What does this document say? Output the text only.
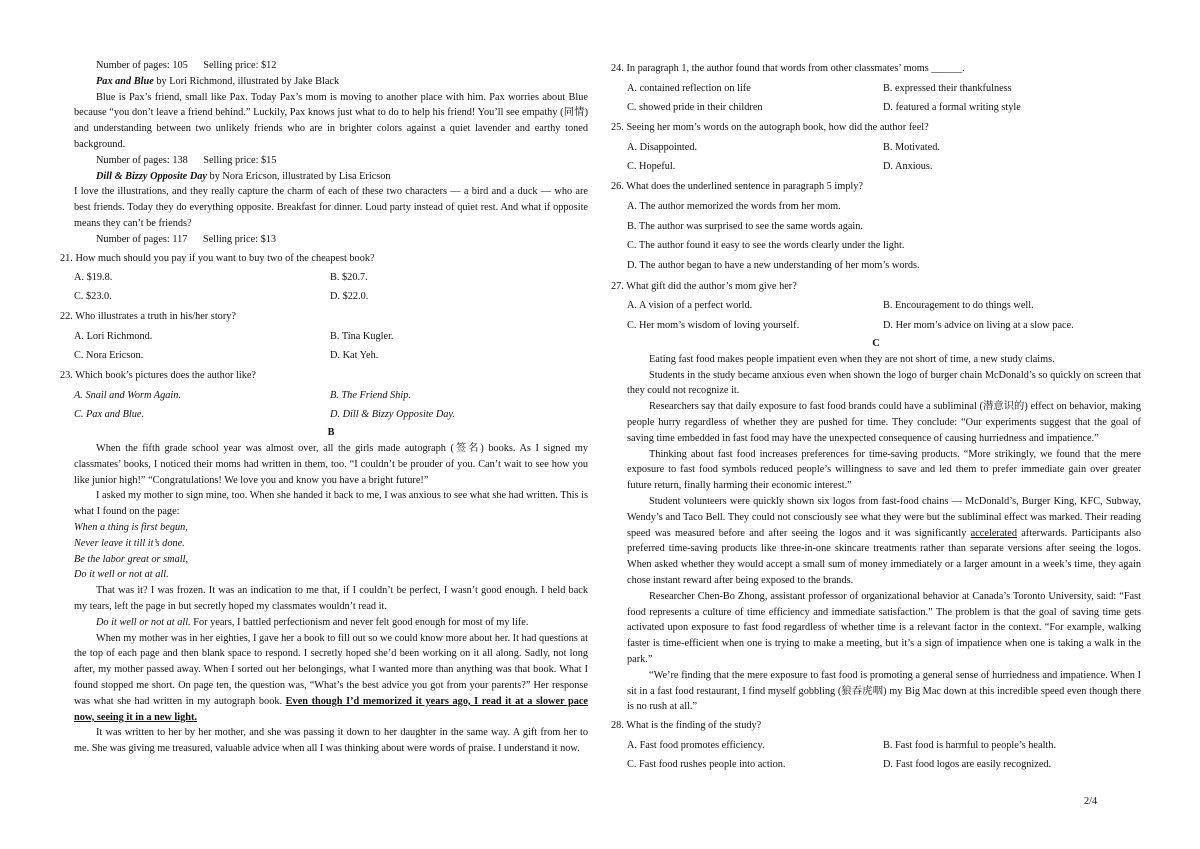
Number of pages: 105      Selling price: $12

Pax and Blue by Lori Richmond, illustrated by Jake Black

Blue is Pax’s friend, small like Pax. Today Pax’s mom is moving to another place with him. Pax worries about Blue because “you don’t leave a friend behind.” Luckily, Pax knows just what to do to help his friend! You’ll see empathy (同情) and understanding between two unlikely friends who are in brighter colors against a quiet lavender and earthy toned background.

Number of pages: 138      Selling price: $15

Dill & Bizzy Opposite Day by Nora Ericson, illustrated by Lisa Ericson

I love the illustrations, and they really capture the charm of each of these two characters — a bird and a duck — who are best friends. Today they do everything opposite. Breakfast for dinner. Loud party instead of quiet rest. And what if opposite means they can’t be friends?

Number of pages: 117      Selling price: $13

21. How much should you pay if you want to buy two of the cheapest book?

A. $19.8.	B. $20.7.
C. $23.0.	D. $22.0.

22. Who illustrates a truth in his/her story?

A. Lori Richmond.	B. Tina Kugler.
C. Nora Ericson.	D. Kat Yeh.

23. Which book’s pictures does the author like?

A. Snail and Worm Again.	B. The Friend Ship.
C. Pax and Blue.	D. Dill & Bizzy Opposite Day.

B

When the fifth grade school year was almost over, all the girls made autograph (签名) books. As I signed my classmates’ books, I noticed their moms had written in them, too. “I couldn’t be prouder of you. Can’t wait to see how you like junior high!” “Congratulations! We love you and know you have a bright future!”

I asked my mother to sign mine, too. When she handed it back to me, I was anxious to see what she had written. This is what I found on the page:

When a thing is first begun,

Never leave it till it’s done.

Be the labor great or small,

Do it well or not at all.

That was it? I was frozen. It was an indication to me that, if I couldn’t be perfect, I wasn’t good enough. I held back my tears, left the page in but secretly hoped my classmates wouldn’t read it.

Do it well or not at all. For years, I battled perfectionism and never felt good enough for most of my life.

When my mother was in her eighties, I gave her a book to fill out so we could know more about her. It had questions at the top of each page and then blank space to respond. I secretly hoped she’d been working on it all along. Sadly, not long after, my mother passed away. When I sorted out her belongings, what I wanted more than anything was that book. What I found stopped me short. On page ten, the question was, “What’s the best advice you got from your parents?” Her response was what she had written in my autograph book. Even though I’d memorized it years ago, I read it at a slower pace now, seeing it in a new light.

It was written to her by her mother, and she was passing it down to her daughter in the same way. A gift from her to me. She was giving me treasured, valuable advice when all I was thinking about were words of praise. I understand it now.

24. In paragraph 1, the author found that words from other classmates’ moms ______.

A. contained reflection on life	B. expressed their thankfulness
C. showed pride in their children	D. featured a formal writing style

25. Seeing her mom’s words on the autograph book, how did the author feel?

A. Disappointed.	B. Motivated.
C. Hopeful.	D. Anxious.

26. What does the underlined sentence in paragraph 5 imply?

A. The author memorized the words from her mom.
B. The author was surprised to see the same words again.
C. The author found it easy to see the words clearly under the light.
D. The author began to have a new understanding of her mom’s words.

27. What gift did the author’s mom give her?

A. A vision of a perfect world.	B. Encouragement to do things well.
C. Her mom’s wisdom of loving yourself.	D. Her mom’s advice on living at a slow pace.

C

Eating fast food makes people impatient even when they are not short of time, a new study claims.

Students in the study became anxious even when shown the logo of burger chain McDonald’s so quickly on screen that they could not recognize it.

Researchers say that daily exposure to fast food brands could have a subliminal (潜意识的) effect on behavior, making people hurry regardless of whether they are pushed for time. They conclude: “Our experiments suggest that the goal of saving time embedded in fast food may have the unexpected consequence of causing hurriedness and impatience.”

Thinking about fast food increases preferences for time-saving products. “More strikingly, we found that the mere exposure to fast food symbols reduced people’s willingness to save and led them to prefer immediate gain over greater future return, finally harming their economic interest.”

Student volunteers were quickly shown six logos from fast-food chains — McDonald’s, Burger King, KFC, Subway, Wendy’s and Taco Bell. They could not consciously see what they were but the subliminal effect was marked. Their reading speed was measured before and after seeing the logos and it was significantly accelerated afterwards. Participants also preferred time-saving products like three-in-one skincare treatments rather than separate versions after seeing the logos. When asked whether they would accept a small sum of money immediately or a larger amount in a week’s time, they again chose instant reward after being exposed to the brands.

Researcher Chen-Bo Zhong, assistant professor of organizational behavior at Canada’s Toronto University, said: “Fast food represents a culture of time efficiency and immediate satisfaction.” The problem is that the goal of saving time gets activated upon exposure to fast food regardless of whether time is a relevant factor in the context. “For example, walking faster is time-efficient when one is trying to make a meeting, but it’s a sign of impatience when one is taking a walk in the park.”

“We’re finding that the mere exposure to fast food is promoting a general sense of hurriedness and impatience. When I sit in a fast food restaurant, I find myself gobbling (狼吞虎咽) my Big Mac down at this incredible speed even though there is no rush at all.”

28. What is the finding of the study?

A. Fast food promotes efficiency.	B. Fast food is harmful to people’s health.
C. Fast food rushes people into action.	D. Fast food logos are easily recognized.
2/4
